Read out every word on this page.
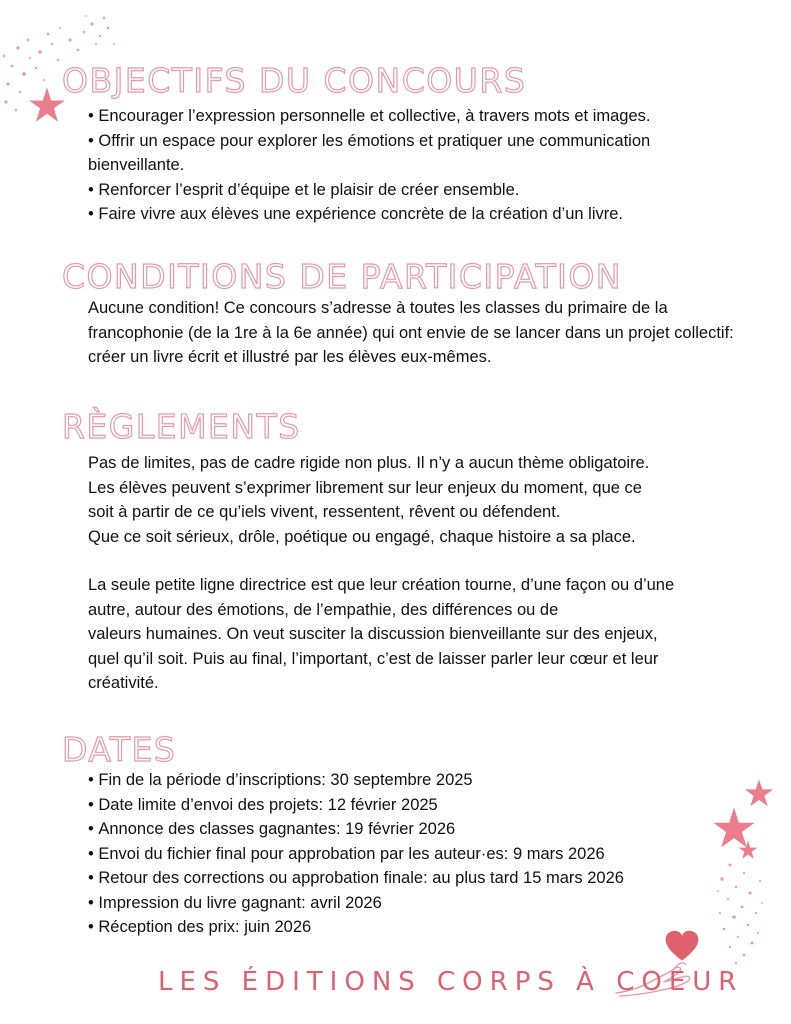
OBJECTIFS DU CONCOURS
• Encourager l’expression personnelle et collective, à travers mots et images.
• Offrir un espace pour explorer les émotions et pratiquer une communication bienveillante.
• Renforcer l’esprit d’équipe et le plaisir de créer ensemble.
• Faire vivre aux élèves une expérience concrète de la création d’un livre.
CONDITIONS DE PARTICIPATION

Aucune condition! Ce concours s’adresse à toutes les classes du primaire de la francophonie (de la 1re à la 6e année) qui ont envie de se lancer dans un projet collectif: créer un livre écrit et illustré par les élèves eux-mêmes.

RÈGLEMENTS

Pas de limites, pas de cadre rigide non plus. Il n’y a aucun thème obligatoire.
Les élèves peuvent s’exprimer librement sur leur enjeux du moment, que ce
soit à partir de ce qu’iels vivent, ressentent, rêvent ou défendent.
Que ce soit sérieux, drôle, poétique ou engagé, chaque histoire a sa place.

La seule petite ligne directrice est que leur création tourne, d’une façon ou d’une
autre, autour des émotions, de l’empathie, des différences ou de
valeurs humaines. On veut susciter la discussion bienveillante sur des enjeux,
quel qu’il soit. Puis au final, l’important, c’est de laisser parler leur cœur et leur
créativité.

DATES
• Fin de la période d’inscriptions: 30 septembre 2025
• Date limite d’envoi des projets: 12 février 2025
• Annonce des classes gagnantes: 19 février 2026
• Envoi du fichier final pour approbation par les auteur·es: 9 mars 2026
• Retour des corrections ou approbation finale: au plus tard 15 mars 2026
• Impression du livre gagnant: avril 2026
• Réception des prix: juin 2026

LES ÉDITIONS CORPS À COEUR
